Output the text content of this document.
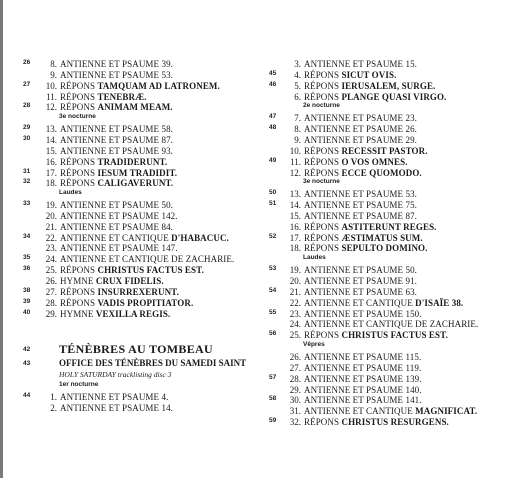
26	8. ANTIENNE ET PSAUME 39.
9. ANTIENNE ET PSAUME 53.
27	10. RÉPONS TAMQUAM AD LATRONEM.
11. RÉPONS TENEBRÆ.
28	12. RÉPONS ANIMAM MEAM.
3e nocturne
29	13. ANTIENNE ET PSAUME 58.
30	14. ANTIENNE ET PSAUME 87.
15. ANTIENNE ET PSAUME 93.
16. RÉPONS TRADIDERUNT.
31	17. RÉPONS IESUM TRADIDIT.
32	18. RÉPONS CALIGAVERUNT.
Laudes
33	19. ANTIENNE ET PSAUME 50.
20. ANTIENNE ET PSAUME 142.
21. ANTIENNE ET PSAUME 84.
34	22. ANTIENNE ET CANTIQUE D'HABACUC.
23. ANTIENNE ET PSAUME 147.
35	24. ANTIENNE ET CANTIQUE DE ZACHARIE.
36	25. RÉPONS CHRISTUS FACTUS EST.
26. HYMNE CRUX FIDELIS.
38	27. RÉPONS INSURREXERUNT.
39	28. RÉPONS VADIS PROPITIATOR.
40	29. HYMNE VEXILLA REGIS.
42	TÉNÈBRES AU TOMBEAU
43	OFFICE DES TÉNÈBRES DU SAMEDI SAINT
HOLY SATURDAY tracklisting disc 3
1er nocturne
44	1. ANTIENNE ET PSAUME 4.
2. ANTIENNE ET PSAUME 14.
3. ANTIENNE ET PSAUME 15.
45	4. RÉPONS SICUT OVIS.
46	5. RÉPONS IERUSALEM, SURGE.
6. RÉPONS PLANGE QUASI VIRGO.
2e nocturne
47	7. ANTIENNE ET PSAUME 23.
48	8. ANTIENNE ET PSAUME 26.
9. ANTIENNE ET PSAUME 29.
10. RÉPONS RECESSIT PASTOR.
49	11. RÉPONS O VOS OMNES.
12. RÉPONS ECCE QUOMODO.
3e nocturne
50	13. ANTIENNE ET PSAUME 53.
51	14. ANTIENNE ET PSAUME 75.
15. ANTIENNE ET PSAUME 87.
16. RÉPONS ASTITERUNT REGES.
52	17. RÉPONS ÆSTIMATUS SUM.
18. RÉPONS SEPULTO DOMINO.
Laudes
53	19. ANTIENNE ET PSAUME 50.
20. ANTIENNE ET PSAUME 91.
54	21. ANTIENNE ET PSAUME 63.
22. ANTIENNE ET CANTIQUE D'ISAÏE 38.
55	23. ANTIENNE ET PSAUME 150.
24. ANTIENNE ET CANTIQUE DE ZACHARIE.
56	25. RÉPONS CHRISTUS FACTUS EST.
Vêpres
26. ANTIENNE ET PSAUME 115.
27. ANTIENNE ET PSAUME 119.
57	28. ANTIENNE ET PSAUME 139.
29. ANTIENNE ET PSAUME 140.
58	30. ANTIENNE ET PSAUME 141.
31. ANTIENNE ET CANTIQUE MAGNIFICAT.
59	32. RÉPONS CHRISTUS RESURGENS.
